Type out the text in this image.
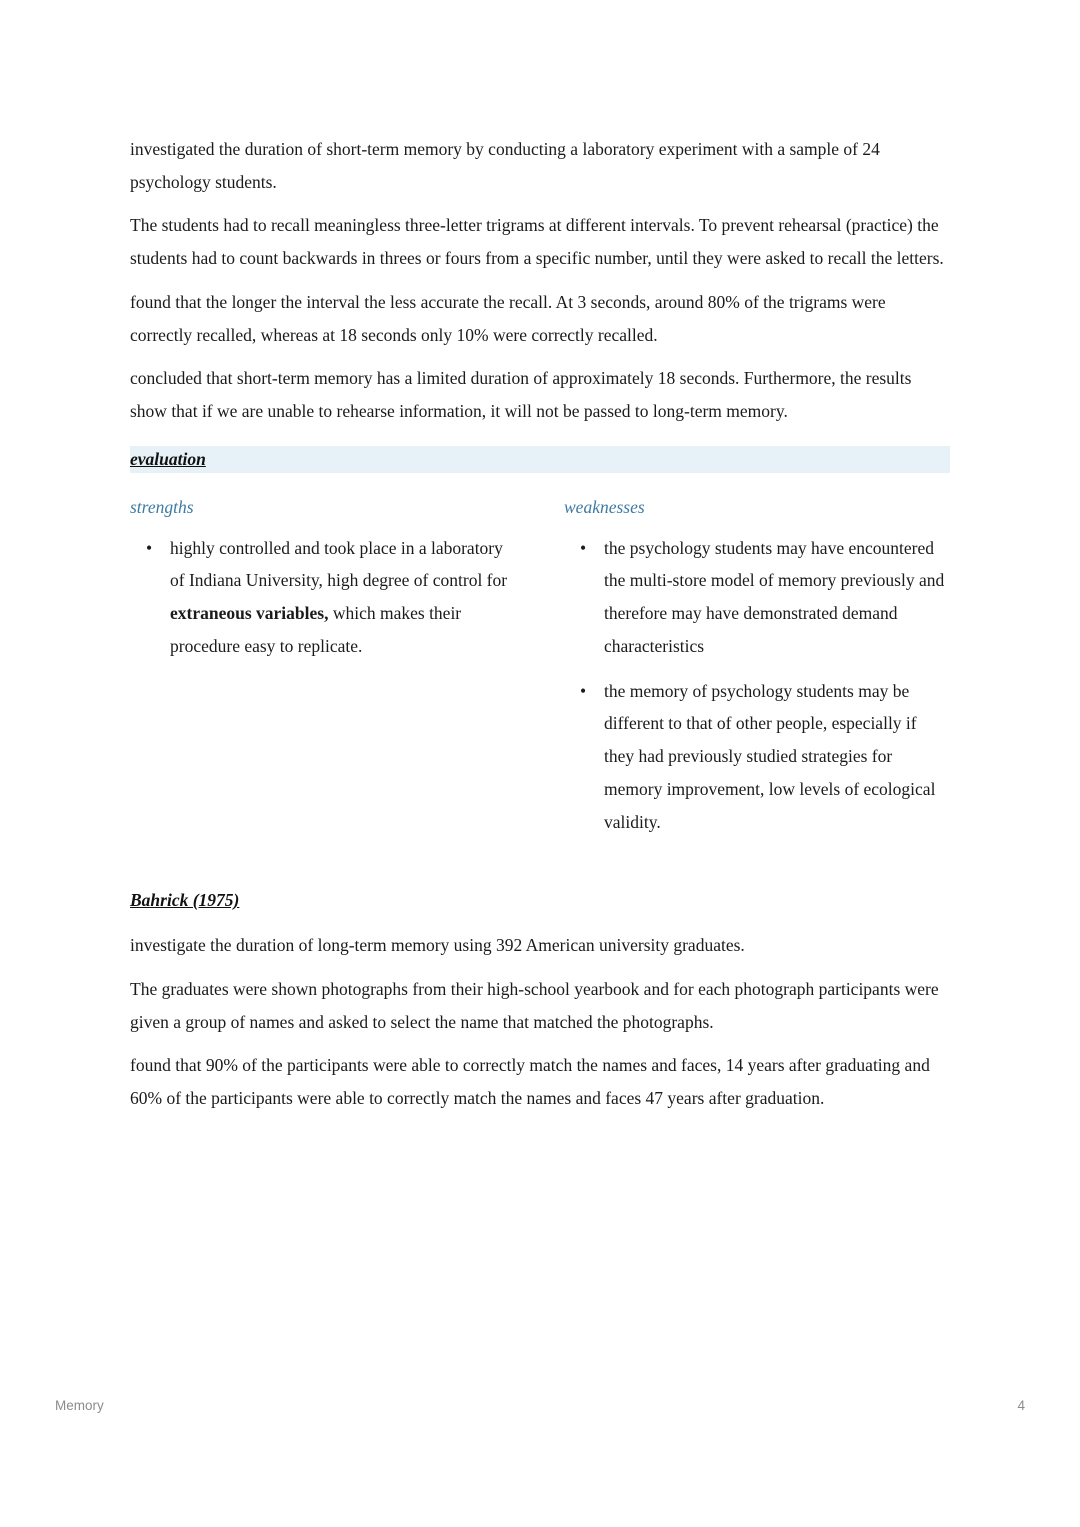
investigated the duration of short-term memory by conducting a laboratory experiment with a sample of 24 psychology students.

The students had to recall meaningless three-letter trigrams at different intervals. To prevent rehearsal (practice) the students had to count backwards in threes or fours from a specific number, until they were asked to recall the letters.

found that the longer the interval the less accurate the recall. At 3 seconds, around 80% of the trigrams were correctly recalled, whereas at 18 seconds only 10% were correctly recalled.

concluded that short-term memory has a limited duration of approximately 18 seconds. Furthermore, the results show that if we are unable to rehearse information, it will not be passed to long-term memory.

evaluation
strengths
• highly controlled and took place in a laboratory of Indiana University, high degree of control for extraneous variables, which makes their procedure easy to replicate.
weaknesses
• the psychology students may have encountered the multi-store model of memory previously and therefore may have demonstrated demand characteristics
• the memory of psychology students may be different to that of other people, especially if they had previously studied strategies for memory improvement, low levels of ecological validity.
Bahrick (1975)

investigate the duration of long-term memory using 392 American university graduates.

The graduates were shown photographs from their high-school yearbook and for each photograph participants were given a group of names and asked to select the name that matched the photographs.

found that 90% of the participants were able to correctly match the names and faces, 14 years after graduating and 60% of the participants were able to correctly match the names and faces 47 years after graduation.

Memory	4
